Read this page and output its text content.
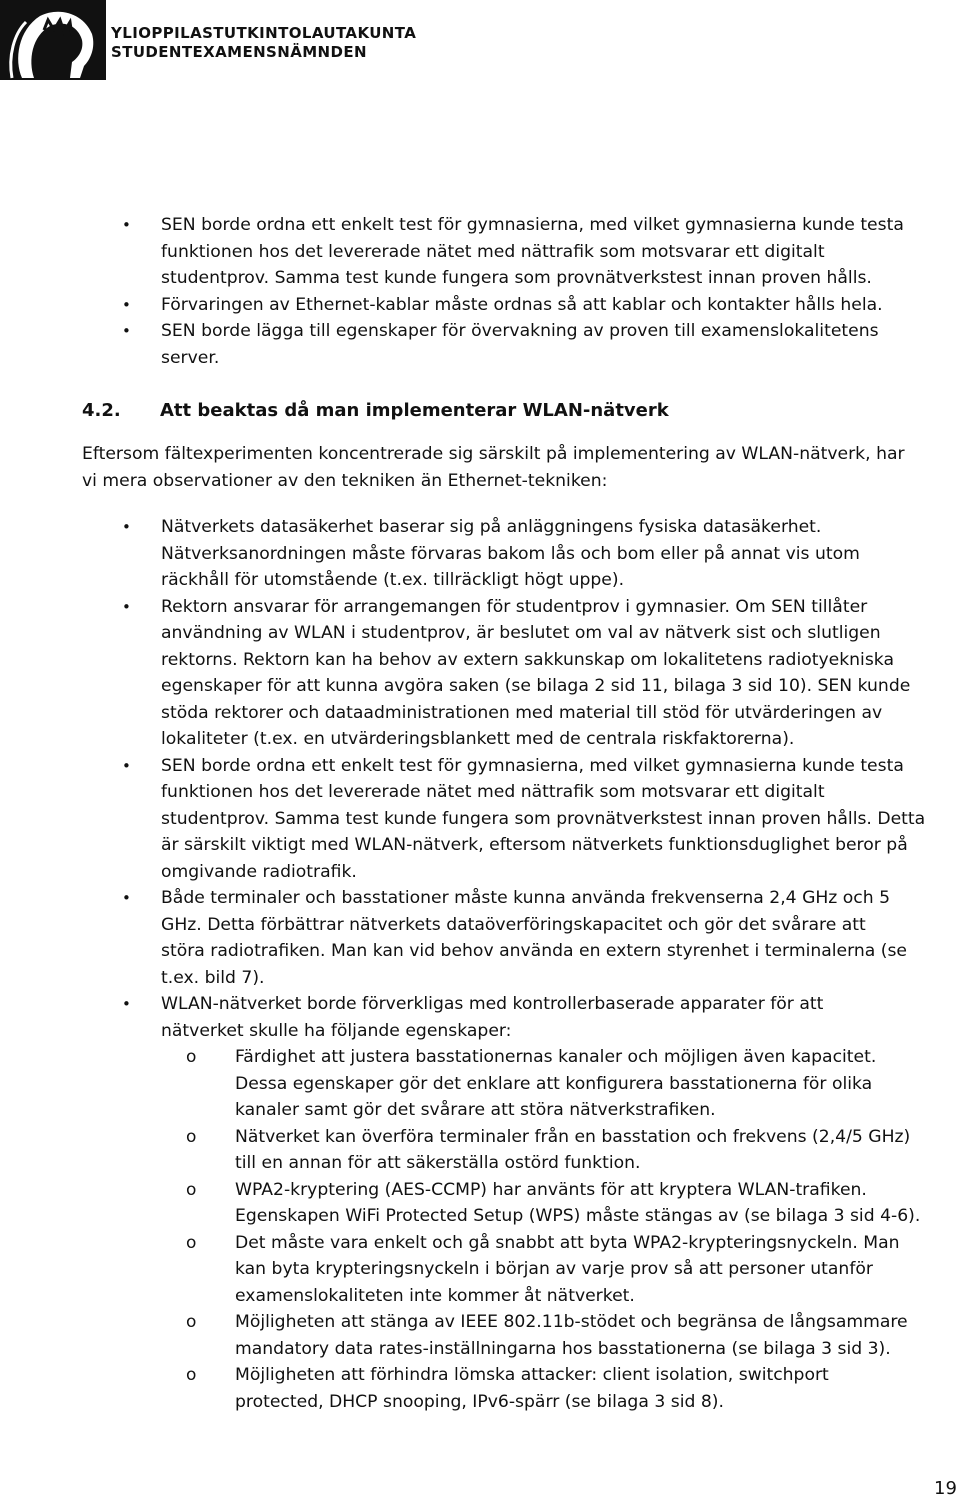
YLIOPPILASTUTKINTOLAUTAKUNTA
STUDENTEXAMENSNÄMNDEN
• SEN borde ordna ett enkelt test för gymnasierna, med vilket gymnasierna kunde testa
funktionen hos det levererade nätet med nättrafik som motsvarar ett digitalt
studentprov. Samma test kunde fungera som provnätverkstest innan proven hålls.
• Förvaringen av Ethernet-kablar måste ordnas så att kablar och kontakter hålls hela.
• SEN borde lägga till egenskaper för övervakning av proven till examenslokalitetens
server.
4.2. Att beaktas då man implementerar WLAN-nätverk
Eftersom fältexperimenten koncentrerade sig särskilt på implementering av WLAN-nätverk, har
vi mera observationer av den tekniken än Ethernet-tekniken:
• Nätverkets datasäkerhet baserar sig på anläggningens fysiska datasäkerhet.
Nätverksanordningen måste förvaras bakom lås och bom eller på annat vis utom
räckhåll för utomstående (t.ex. tillräckligt högt uppe).
• Rektorn ansvarar för arrangemangen för studentprov i gymnasier. Om SEN tillåter
användning av WLAN i studentprov, är beslutet om val av nätverk sist och slutligen
rektorns. Rektorn kan ha behov av extern sakkunskap om lokalitetens radiotyekniska
egenskaper för att kunna avgöra saken (se bilaga 2 sid 11, bilaga 3 sid 10). SEN kunde
stöda rektorer och dataadministrationen med material till stöd för utvärderingen av
lokaliteter (t.ex. en utvärderingsblankett med de centrala riskfaktorerna).
• SEN borde ordna ett enkelt test för gymnasierna, med vilket gymnasierna kunde testa
funktionen hos det levererade nätet med nättrafik som motsvarar ett digitalt
studentprov. Samma test kunde fungera som provnätverkstest innan proven hålls. Detta
är särskilt viktigt med WLAN-nätverk, eftersom nätverkets funktionsduglighet beror på
omgivande radiotrafik.
• Både terminaler och basstationer måste kunna använda frekvenserna 2,4 GHz och 5
GHz. Detta förbättrar nätverkets dataöverföringskapacitet och gör det svårare att
störa radiotrafiken. Man kan vid behov använda en extern styrenhet i terminalerna (se
t.ex. bild 7).
• WLAN-nätverket borde förverkligas med kontrollerbaserade apparater för att
nätverket skulle ha följande egenskaper:
o Färdighet att justera basstationernas kanaler och möjligen även kapacitet.
Dessa egenskaper gör det enklare att konfigurera basstationerna för olika
kanaler samt gör det svårare att störa nätverkstrafiken.
o Nätverket kan överföra terminaler från en basstation och frekvens (2,4/5 GHz)
till en annan för att säkerställa ostörd funktion.
o WPA2-kryptering (AES-CCMP) har använts för att kryptera WLAN-trafiken.
Egenskapen WiFi Protected Setup (WPS) måste stängas av (se bilaga 3 sid 4-6).
o Det måste vara enkelt och gå snabbt att byta WPA2-krypteringsnyckeln. Man
kan byta krypteringsnyckeln i början av varje prov så att personer utanför
examenslokaliteten inte kommer åt nätverket.
o Möjligheten att stänga av IEEE 802.11b-stödet och begränsa de långsammare
mandatory data rates-inställningarna hos basstationerna (se bilaga 3 sid 3).
o Möjligheten att förhindra lömska attacker: client isolation, switchport
protected, DHCP snooping, IPv6-spärr (se bilaga 3 sid 8).
19
